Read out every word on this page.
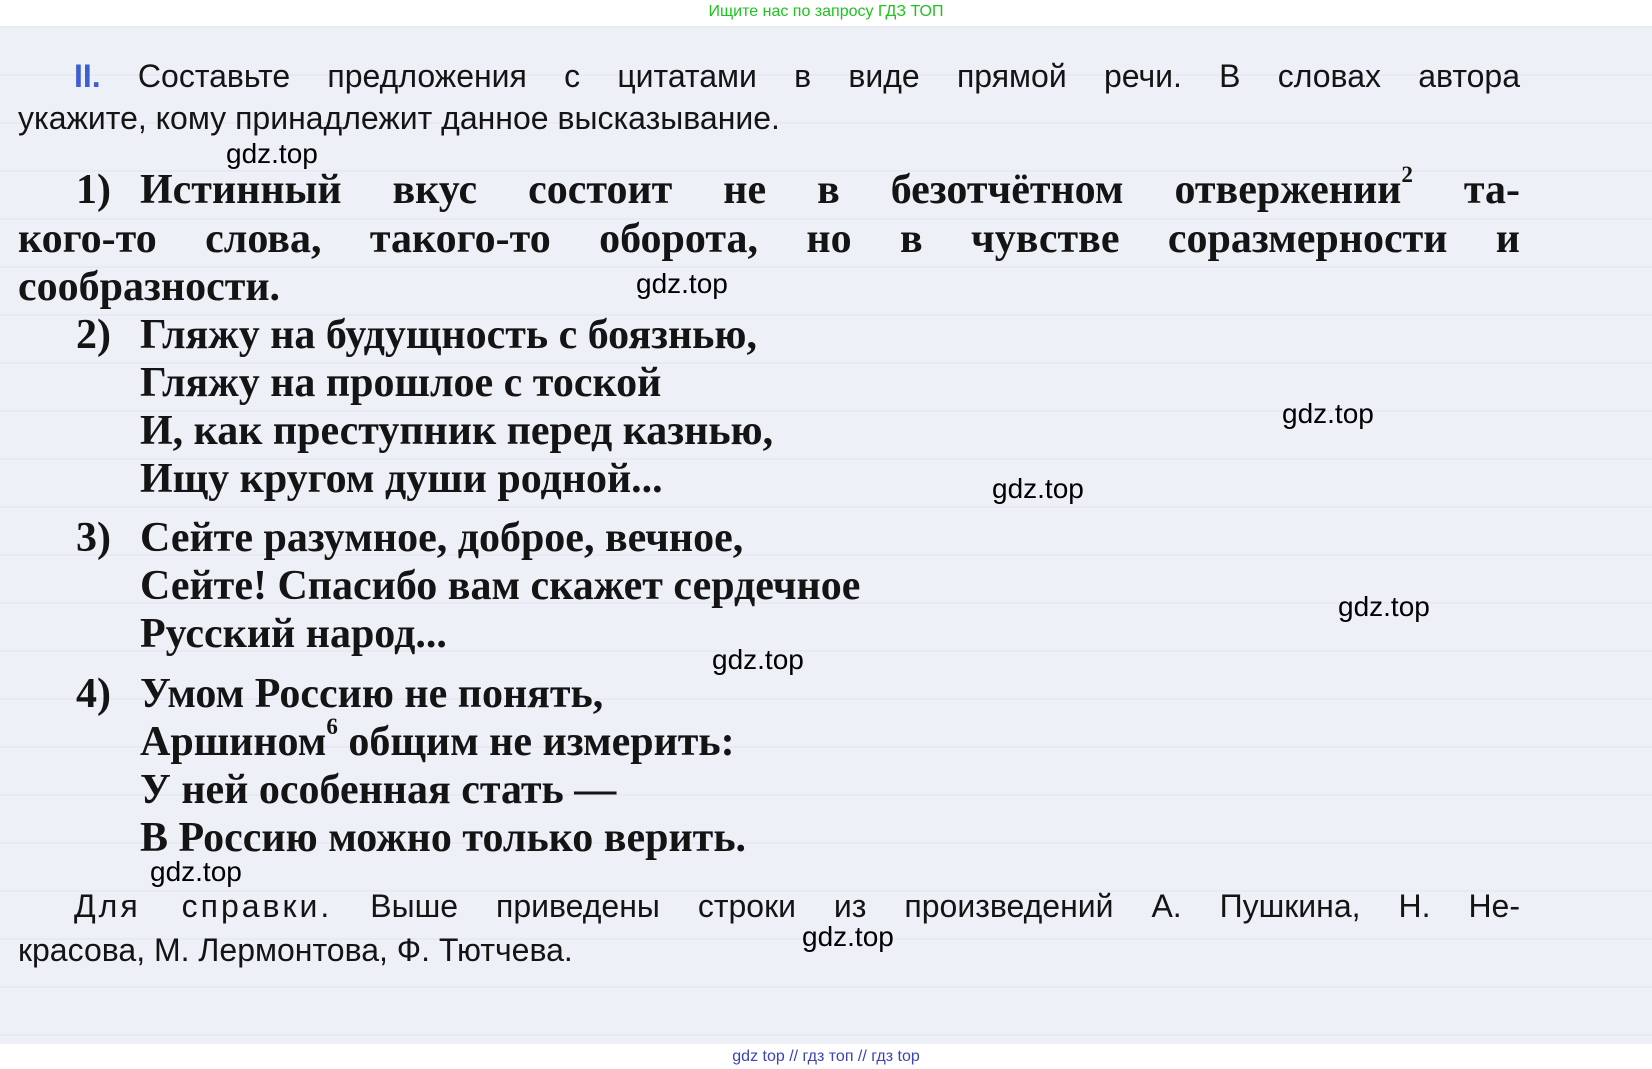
Ищите нас по запросу ГДЗ ТОП
II. Составьте предложения с цитатами в виде прямой речи. В словах автора
укажите, кому принадлежит данное высказывание.
1) Истинный вкус состоит не в безотчётном отвержении$^2$ та-
кого-то слова, такого-то оборота, но в чувстве соразмерности и
сообразности.
2) Гляжу на будущность с боязнью,
Гляжу на прошлое с тоской
И, как преступник перед казнью,
Ищу кругом души родной...
3) Сейте разумное, доброе, вечное,
Сейте! Спасибо вам скажет сердечное
Русский народ...
4) Умом Россию не понять,
Аршином$^6$ общим не измерить:
У ней особенная стать —
В Россию можно только верить.
Для справки. Выше приведены строки из произведений А. Пушкина, Н. Не-
красова, М. Лермонтова, Ф. Тютчева.
gdz.top
gdz.top
gdz.top
gdz.top
gdz.top
gdz.top
gdz.top
gdz.top
gdz top // гдз топ // гдз top
